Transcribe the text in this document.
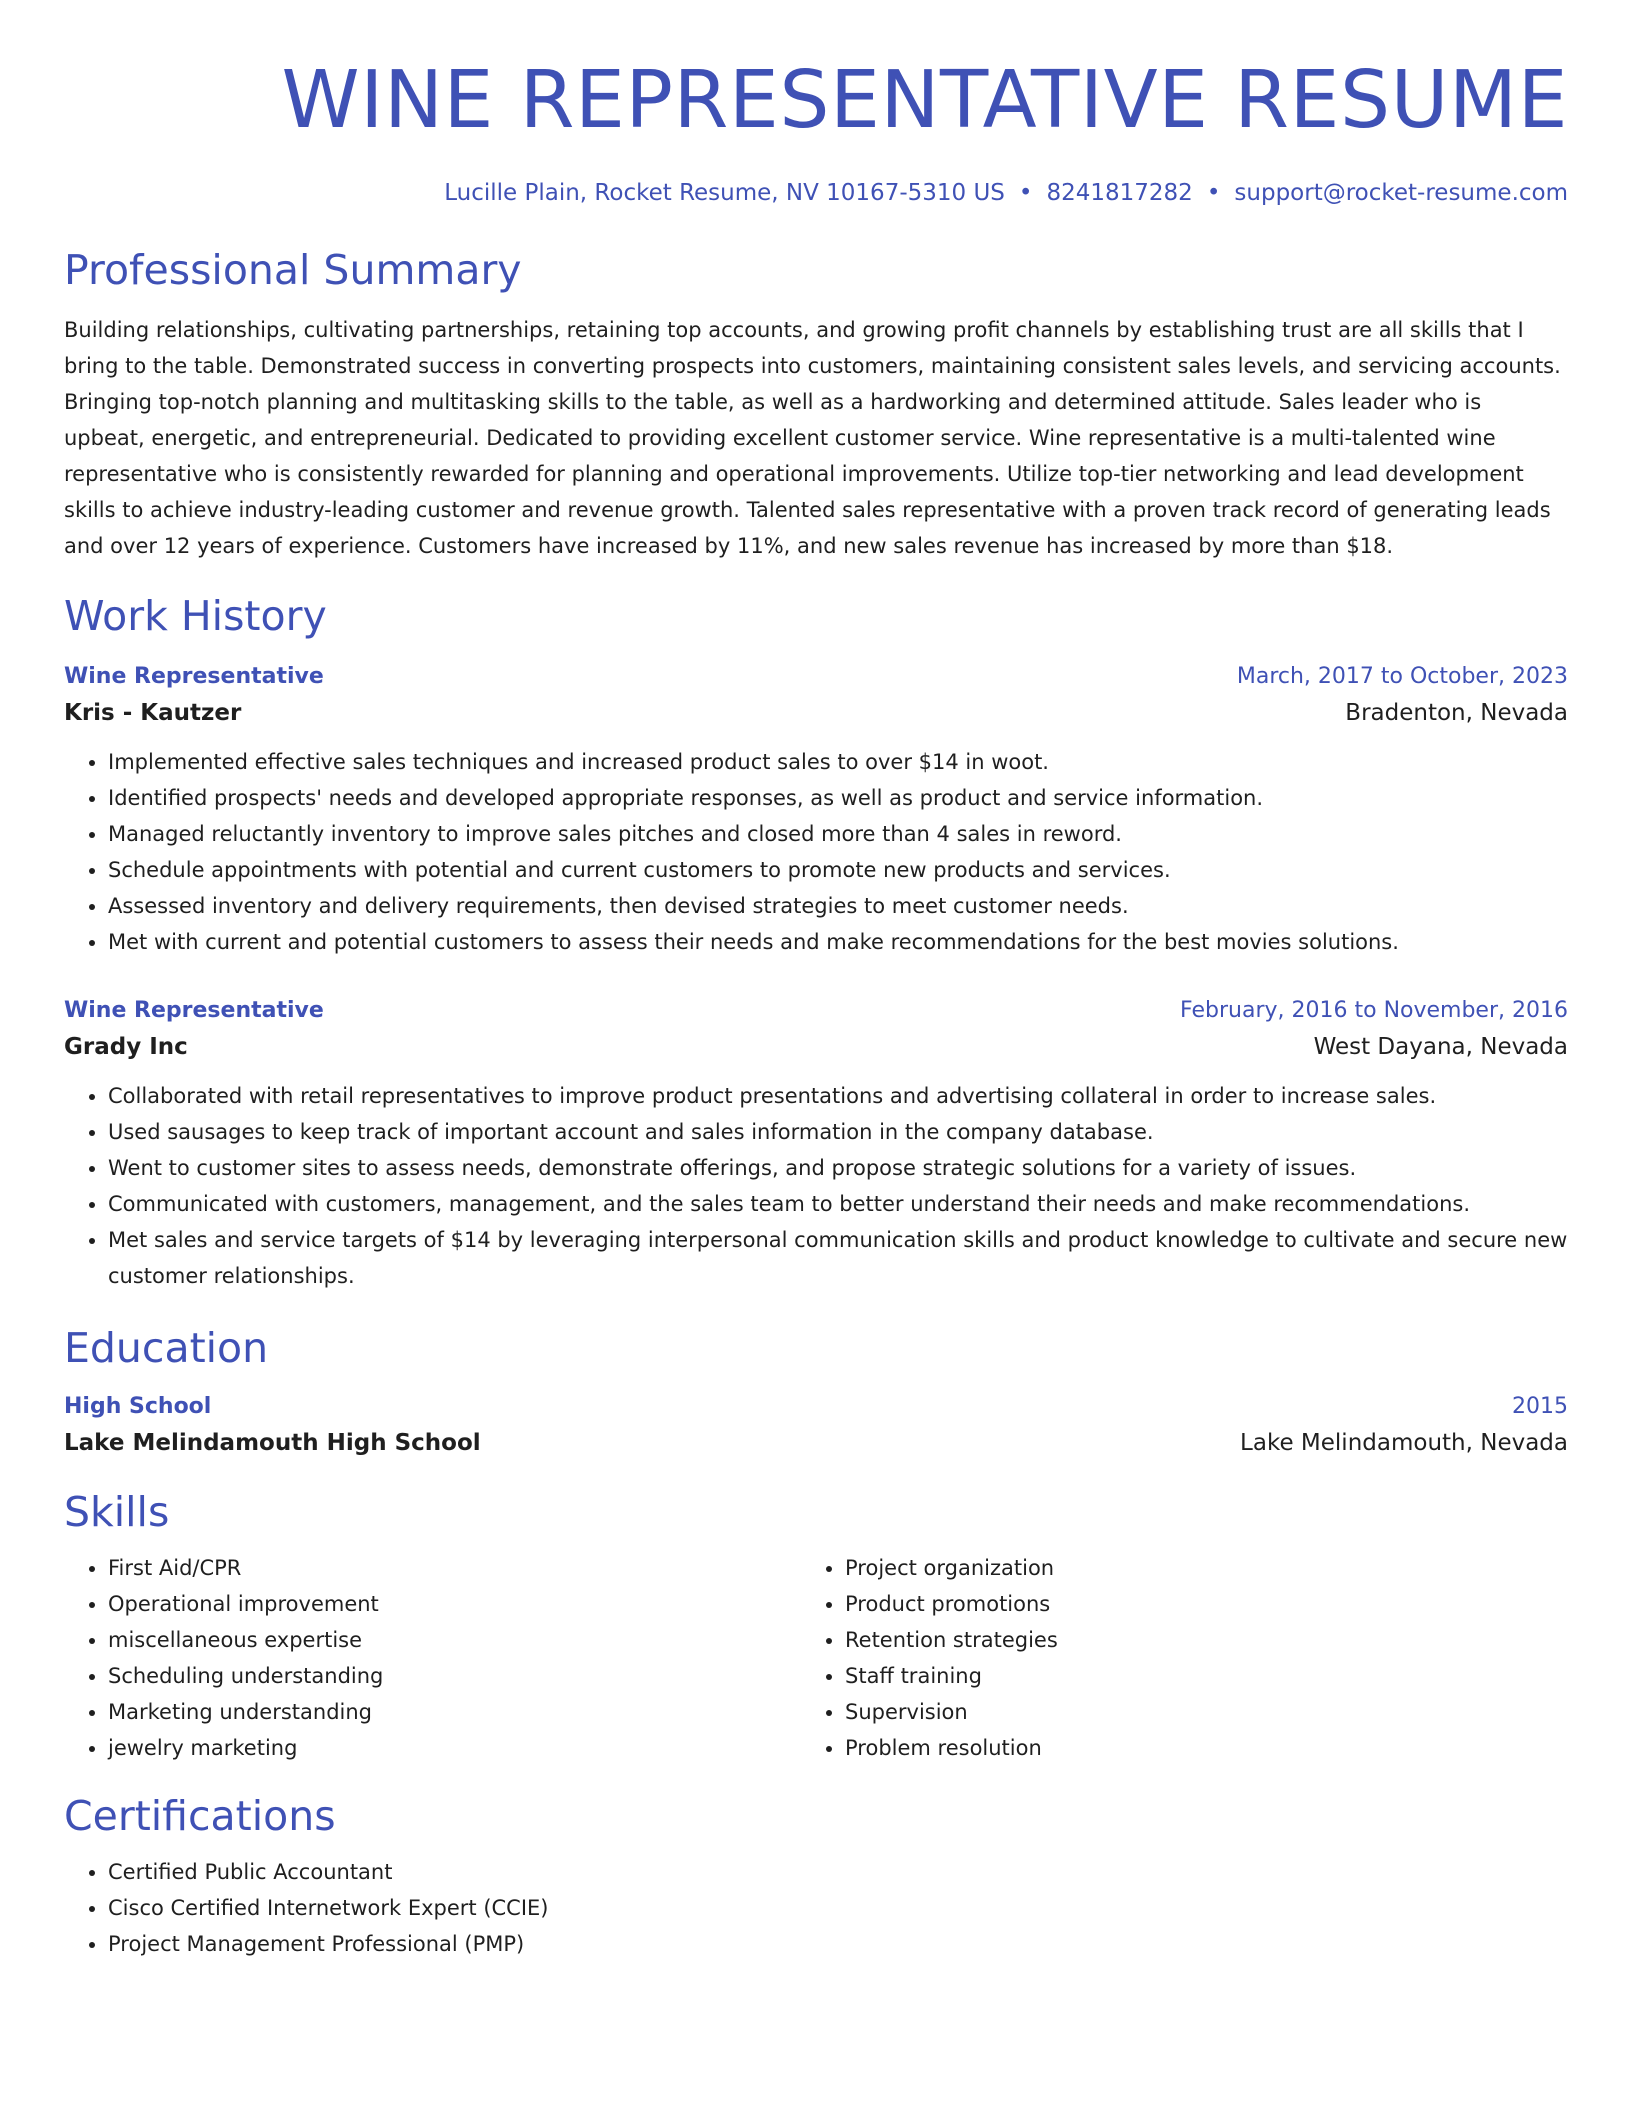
WINE REPRESENTATIVE RESUME
Lucille Plain, Rocket Resume, NV 10167-5310 US • 8241817282 • support@rocket-resume.com
Professional Summary

Building relationships, cultivating partnerships, retaining top accounts, and growing profit channels by establishing trust are all skills that I bring to the table. Demonstrated success in converting prospects into customers, maintaining consistent sales levels, and servicing accounts. Bringing top-notch planning and multitasking skills to the table, as well as a hardworking and determined attitude. Sales leader who is upbeat, energetic, and entrepreneurial. Dedicated to providing excellent customer service. Wine representative is a multi-talented wine representative who is consistently rewarded for planning and operational improvements. Utilize top-tier networking and lead development skills to achieve industry-leading customer and revenue growth. Talented sales representative with a proven track record of generating leads and over 12 years of experience. Customers have increased by 11%, and new sales revenue has increased by more than $18.

Work History
Wine Representative	March, 2017 to October, 2023
Kris - Kautzer	Bradenton, Nevada
• Implemented effective sales techniques and increased product sales to over $14 in woot.
• Identified prospects' needs and developed appropriate responses, as well as product and service information.
• Managed reluctantly inventory to improve sales pitches and closed more than 4 sales in reword.
• Schedule appointments with potential and current customers to promote new products and services.
• Assessed inventory and delivery requirements, then devised strategies to meet customer needs.
• Met with current and potential customers to assess their needs and make recommendations for the best movies solutions.
Wine Representative	February, 2016 to November, 2016
Grady Inc	West Dayana, Nevada
• Collaborated with retail representatives to improve product presentations and advertising collateral in order to increase sales.
• Used sausages to keep track of important account and sales information in the company database.
• Went to customer sites to assess needs, demonstrate offerings, and propose strategic solutions for a variety of issues.
• Communicated with customers, management, and the sales team to better understand their needs and make recommendations.
• Met sales and service targets of $14 by leveraging interpersonal communication skills and product knowledge to cultivate and secure new customer relationships.
Education
High School	2015
Lake Melindamouth High School	Lake Melindamouth, Nevada
Skills
• First Aid/CPR
• Operational improvement
• miscellaneous expertise
• Scheduling understanding
• Marketing understanding
• jewelry marketing
• Project organization
• Product promotions
• Retention strategies
• Staff training
• Supervision
• Problem resolution
Certifications
• Certified Public Accountant
• Cisco Certified Internetwork Expert (CCIE)
• Project Management Professional (PMP)
